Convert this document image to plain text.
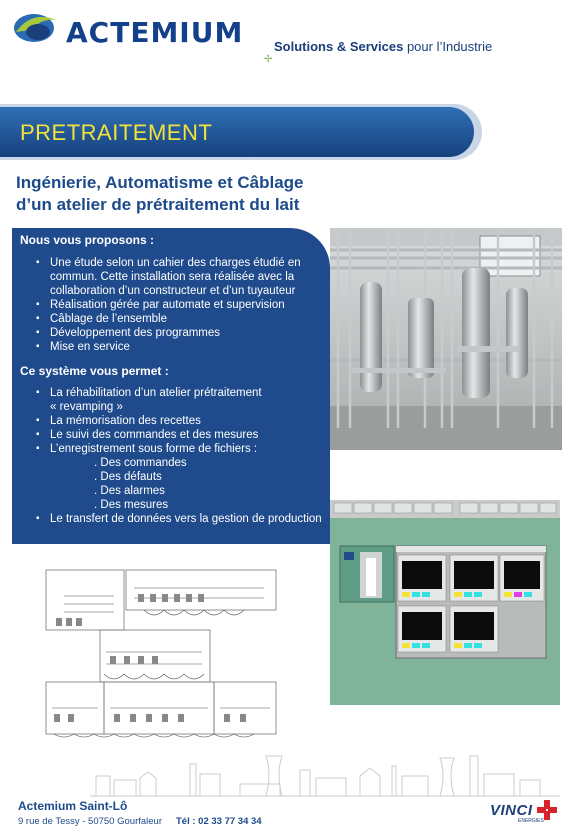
ACTEMIUM Solutions & Services pour l’Industrie
✢
PRETRAITEMENT
Ingénierie, Automatisme et Câblage
d’un atelier de prétraitement du lait
Nous vous proposons :
▪ Une étude selon un cahier des charges étudié en commun. Cette installation sera réalisée avec la collaboration d’un constructeur et d’un tuyauteur
▪ Réalisation gérée par automate et supervision
▪ Câblage de l’ensemble
▪ Développement des programmes
▪ Mise en service
Ce système vous permet :
▪ La réhabilitation d’un atelier prétraitement
« revamping »
▪ La mémorisation des recettes
▪ Le suivi des commandes et des mesures
▪ L’enregistrement sous forme de fichiers :
. Des commandes
. Des défauts
. Des alarmes
. Des mesures
▪ Le transfert de données vers la gestion de production
Actemium Saint-Lô
9 rue de Tessy - 50750 Gourfaleur Tél : 02 33 77 34 34
VINCI
ENERGIES
